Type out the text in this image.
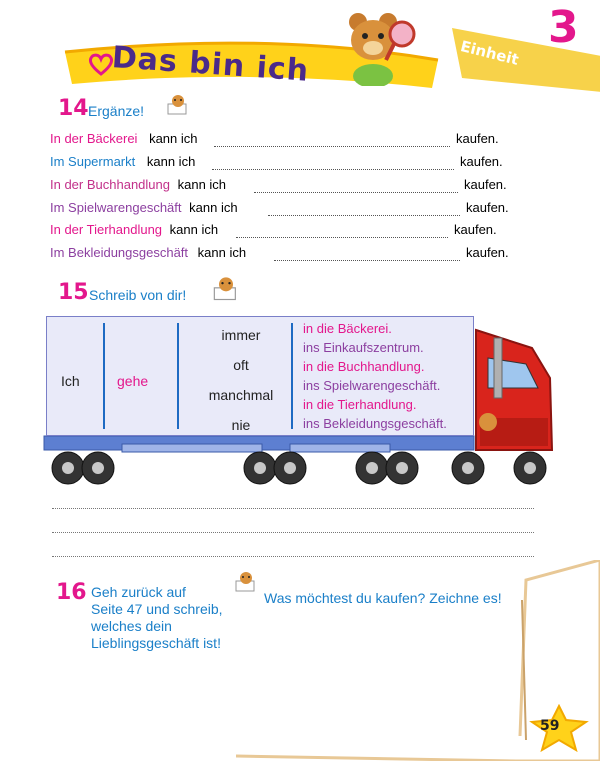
Das bin ich	Einheit 3
14 Ergänze!
In der Bäckerei kann ich	kaufen.
Im Supermarkt kann ich	kaufen.
In der Buchhandlung kann ich	kaufen.
Im Spielwarengeschäft kann ich	kaufen.
In der Tierhandlung kann ich	kaufen.
Im Bekleidungsgeschäft kann ich	kaufen.
15 Schreib von dir!
Ich	gehe
immer
oft
manchmal
nie
in die Bäckerei.
ins Einkaufszentrum.
in die Buchhandlung.
ins Spielwarengeschäft.
in die Tierhandlung.
ins Bekleidungsgeschäft.
16 Geh zurück auf
Seite 47 und schreib,
welches dein
Lieblingsgeschäft ist!
Was möchtest du kaufen? Zeichne es!
59
